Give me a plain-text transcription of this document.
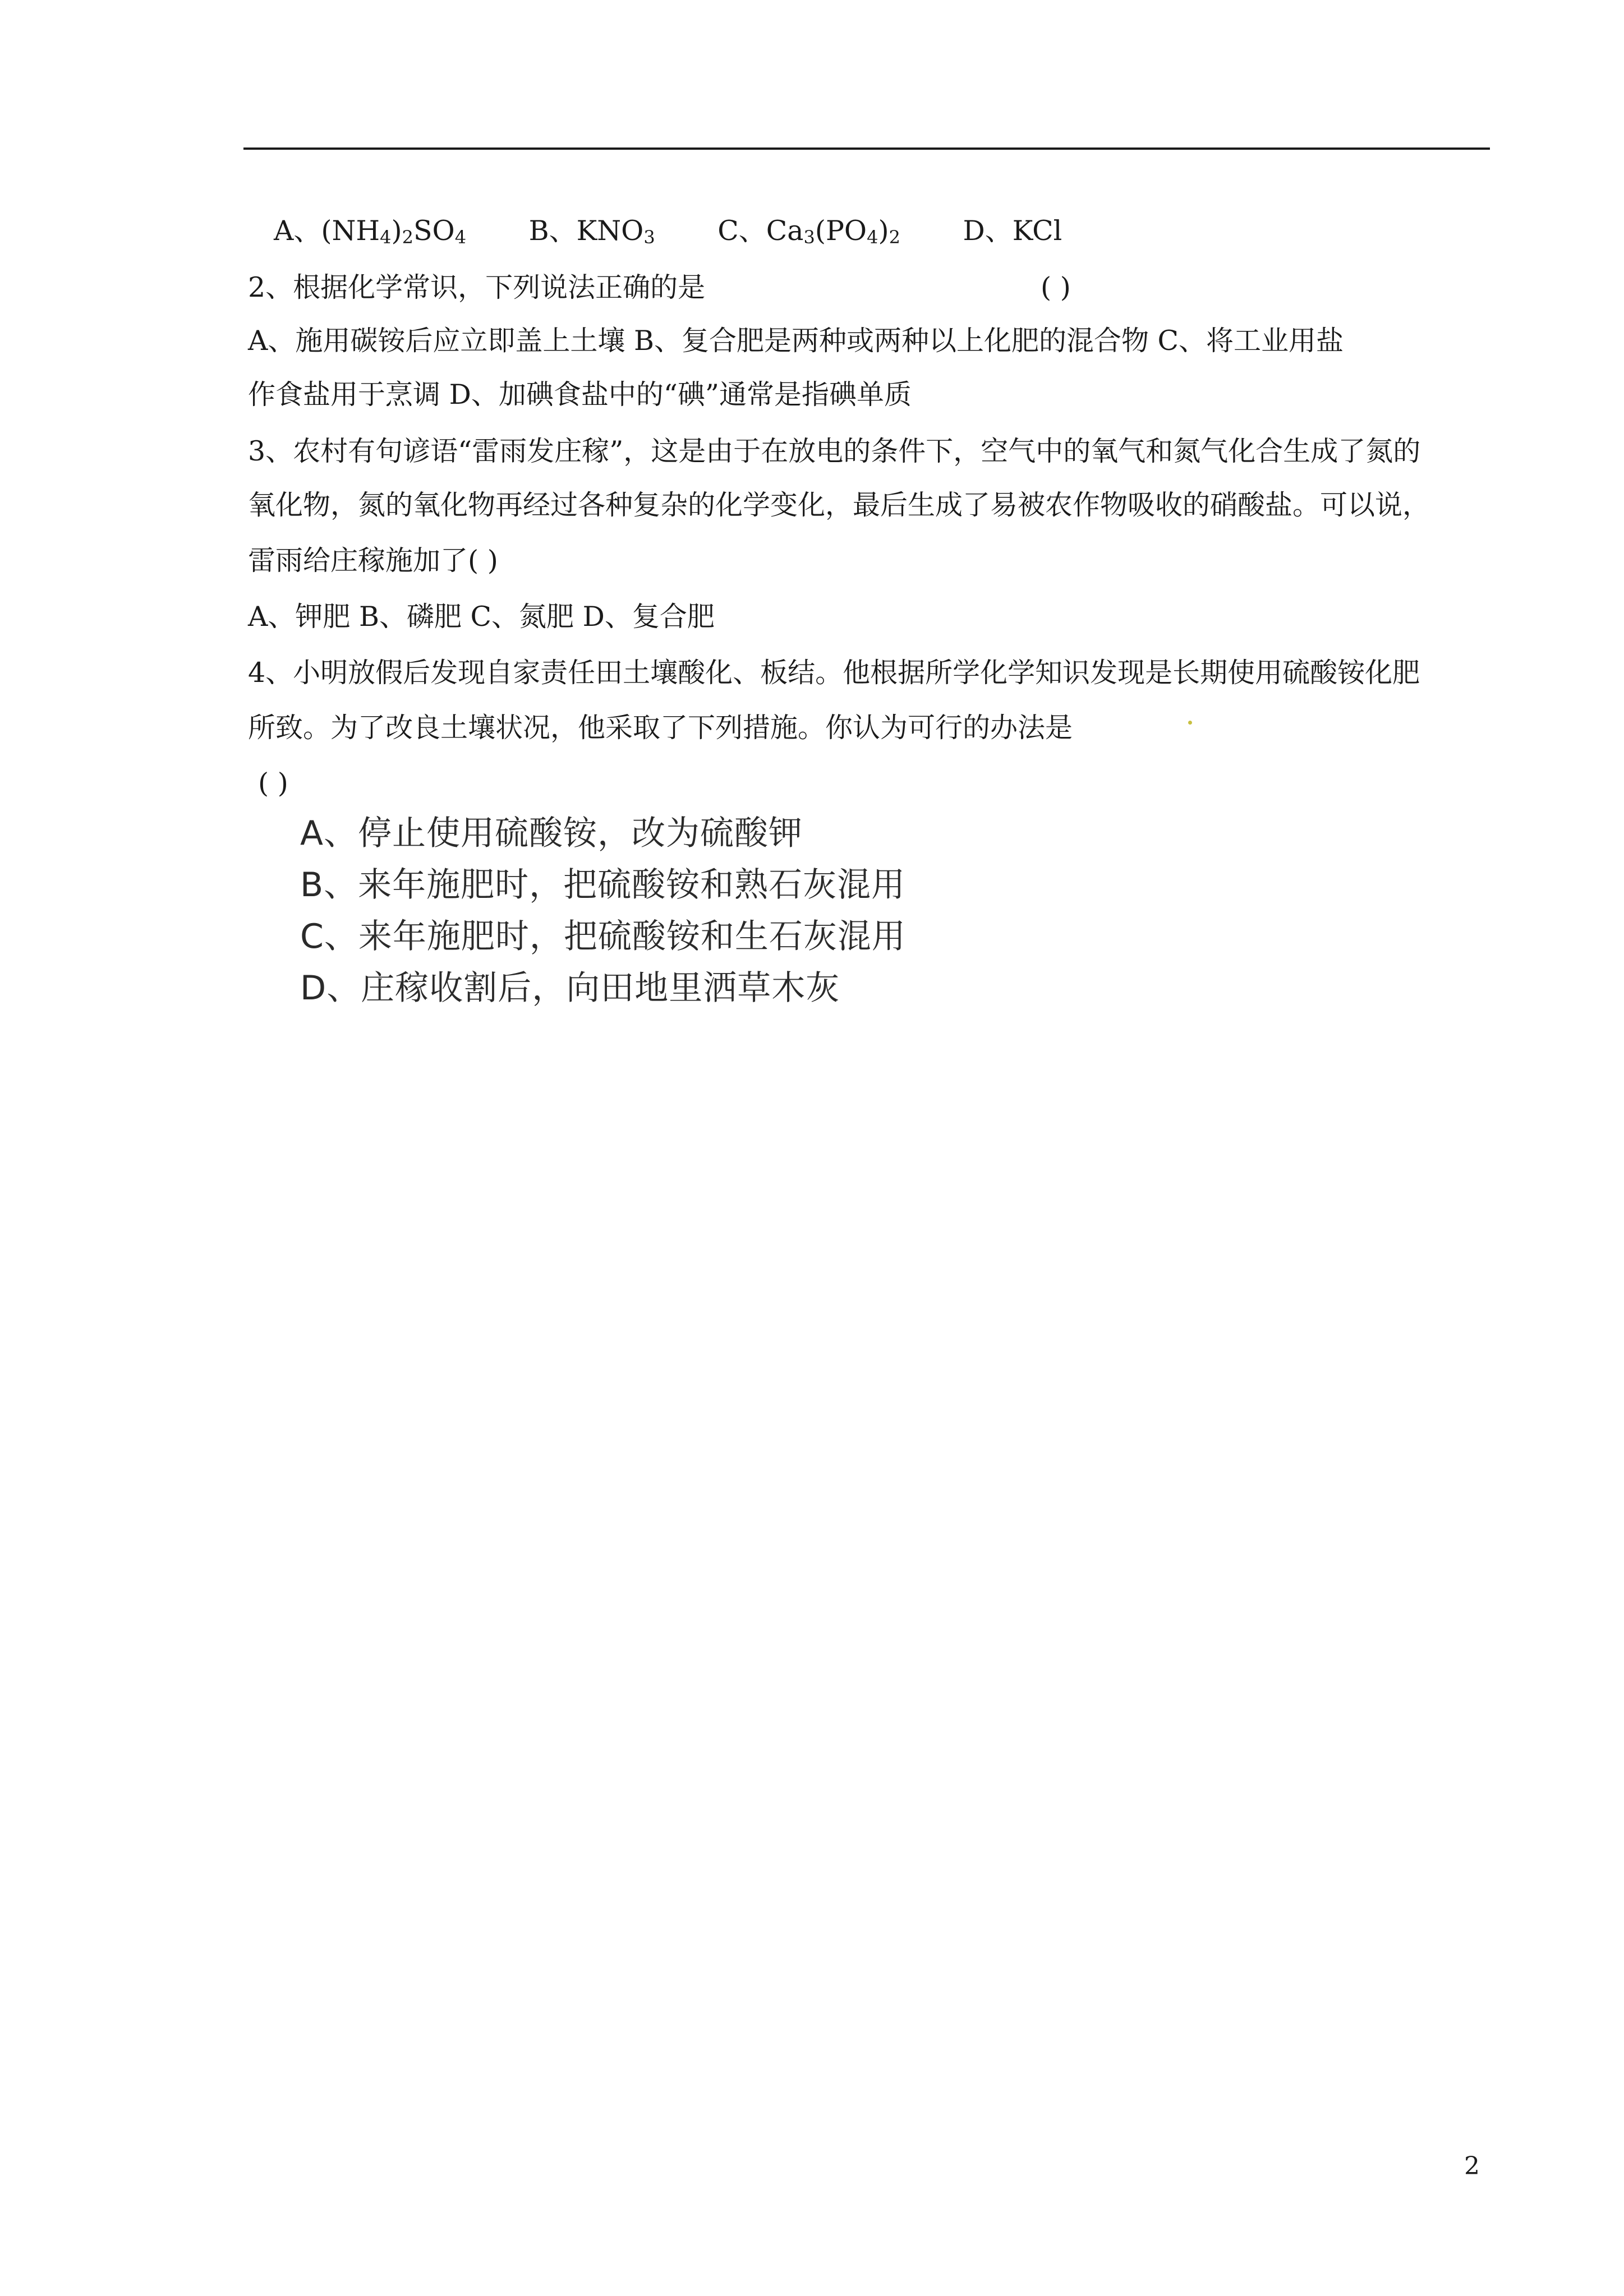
A、$(NH_4)_2SO_4$ B、$KNO_3$ C、$Ca_3(PO_4)_2$ D、KCl
2、根据化学常识，下列说法正确的是	( )
A、施用碳铵后应立即盖上土壤 B、复合肥是两种或两种以上化肥的混合物 C、将工业用盐
作食盐用于烹调 D、加碘食盐中的“碘”通常是指碘单质
3、农村有句谚语“雷雨发庄稼”，这是由于在放电的条件下，空气中的氧气和氮气化合生成了氮的
氧化物，氮的氧化物再经过各种复杂的化学变化，最后生成了易被农作物吸收的硝酸盐。可以说，
雷雨给庄稼施加了( )
A、钾肥 B、磷肥 C、氮肥 D、复合肥
4、小明放假后发现自家责任田土壤酸化、板结。他根据所学化学知识发现是长期使用硫酸铵化肥
所致。为了改良土壤状况，他采取了下列措施。你认为可行的办法是
( )
A、停止使用硫酸铵，改为硫酸钾
B、来年施肥时，把硫酸铵和熟石灰混用
C、来年施肥时，把硫酸铵和生石灰混用
D、庄稼收割后，向田地里洒草木灰
2
